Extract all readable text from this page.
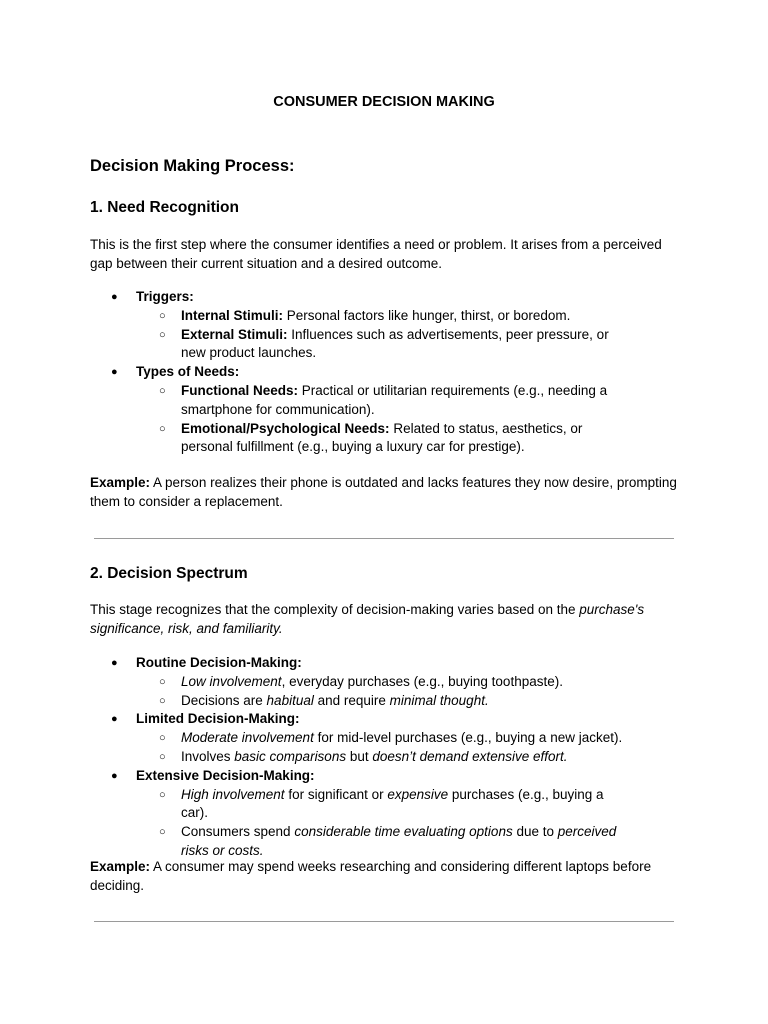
CONSUMER DECISION MAKING
Decision Making Process:
1. Need Recognition

This is the first step where the consumer identifies a need or problem. It arises from a perceived gap between their current situation and a desired outcome.

● Triggers:
○ Internal Stimuli: Personal factors like hunger, thirst, or boredom.
○ External Stimuli: Influences such as advertisements, peer pressure, or new product launches.
● Types of Needs:
○ Functional Needs: Practical or utilitarian requirements (e.g., needing a smartphone for communication).
○ Emotional/Psychological Needs: Related to status, aesthetics, or personal fulfillment (e.g., buying a luxury car for prestige).

Example: A person realizes their phone is outdated and lacks features they now desire, prompting them to consider a replacement.

2. Decision Spectrum

This stage recognizes that the complexity of decision-making varies based on the purchase's significance, risk, and familiarity.

● Routine Decision-Making:
○ Low involvement, everyday purchases (e.g., buying toothpaste).
○ Decisions are habitual and require minimal thought.
● Limited Decision-Making:
○ Moderate involvement for mid-level purchases (e.g., buying a new jacket).
○ Involves basic comparisons but doesn’t demand extensive effort.
● Extensive Decision-Making:
○ High involvement for significant or expensive purchases (e.g., buying a car).
○ Consumers spend considerable time evaluating options due to perceived risks or costs.

Example: A consumer may spend weeks researching and considering different laptops before deciding.
